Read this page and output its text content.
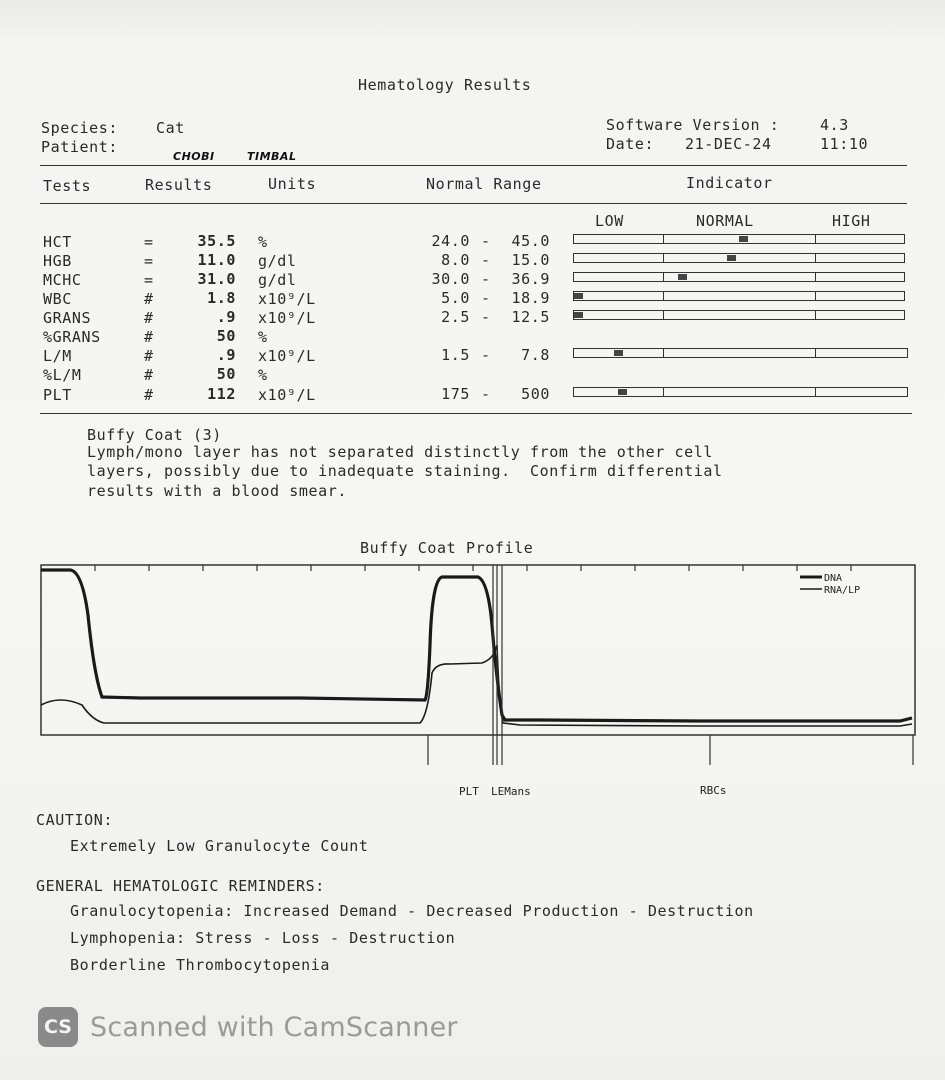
Hematology Results
Species:	Cat
Patient:
CHOBI	TIMBAL
Software Version :	4.3
Date: 21-DEC-24	11:10
Tests	Results	Units	Normal Range	Indicator
LOW	NORMAL	HIGH
HCT	=	35.5 %	24.0 - 45.0
HGB	=	11.0 g/dl	8.0 - 15.0
MCHC	=	31.0 g/dl	30.0 - 36.9
WBC	#	1.8 x10⁹/L	5.0 - 18.9
GRANS	#	.9 x10⁹/L	2.5 - 12.5
%GRANS	#	50 %
L/M	#	.9 x10⁹/L	1.5 - 7.8
%L/M	#	50 %
PLT	#	112 x10⁹/L	175 - 500
Buffy Coat (3)
Lymph/mono layer has not separated distinctly from the other cell
layers, possibly due to inadequate staining.  Confirm differential
results with a blood smear.
Buffy Coat Profile
DNA
RNA/LP
PLT LEMans	RBCs
CAUTION:
Extremely Low Granulocyte Count
GENERAL HEMATOLOGIC REMINDERS:
Granulocytopenia: Increased Demand - Decreased Production - Destruction
Lymphopenia: Stress - Loss - Destruction
Borderline Thrombocytopenia
CS Scanned with CamScanner
